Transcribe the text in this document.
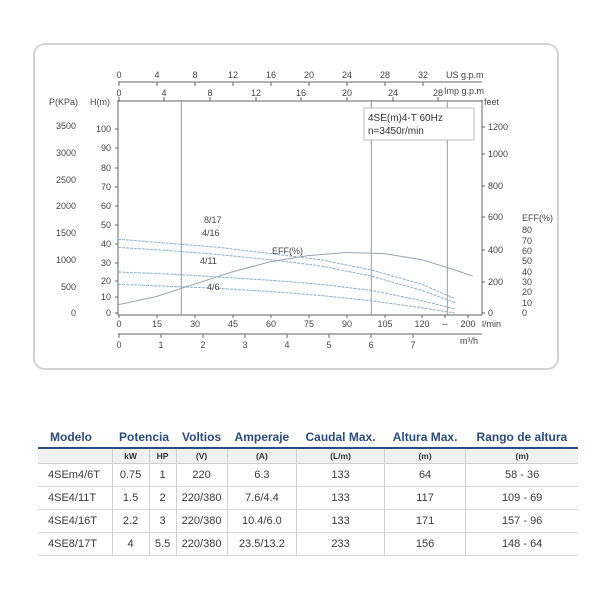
0	4	8	12	16	20	24	28	32 US g.p.m
0	4	8	12	16	20	24	28 Imp g.p.m
P(KPa) H(m)
3500
3000
2500
2000
1500
1000
500
0
100
90
80
70
60
50
40
30
20
10
0
feet
1200
1000
800
600
400
200
0
EFF(%)
80
70
60
50
40
30
20
10
0
0	15	30	45	60	75	90	105 120 -- 200 l/min
0	1	2	3	4	5	6	7	m³/h
4SE(m)4-T 60Hz
n=3450r/min
8/17
4/16
4/11
4/6
EFF(%)
Modelo	Potencia		Voltios	Amperaje	Caudal Max.	Altura Max.	Rango de altura
	kW	HP	(V)	(A)	(L/m)	(m)	(m)
4SEm4/6T	0.75	1	220	6.3	133	64	58 - 36
4SE4/11T	1.5	2	220/380	7.6/4.4	133	117	109 - 69
4SE4/16T	2.2	3	220/380	10.4/6.0	133	171	157 - 96
4SE8/17T	4	5.5	220/380	23.5/13.2	233	156	148 - 64
